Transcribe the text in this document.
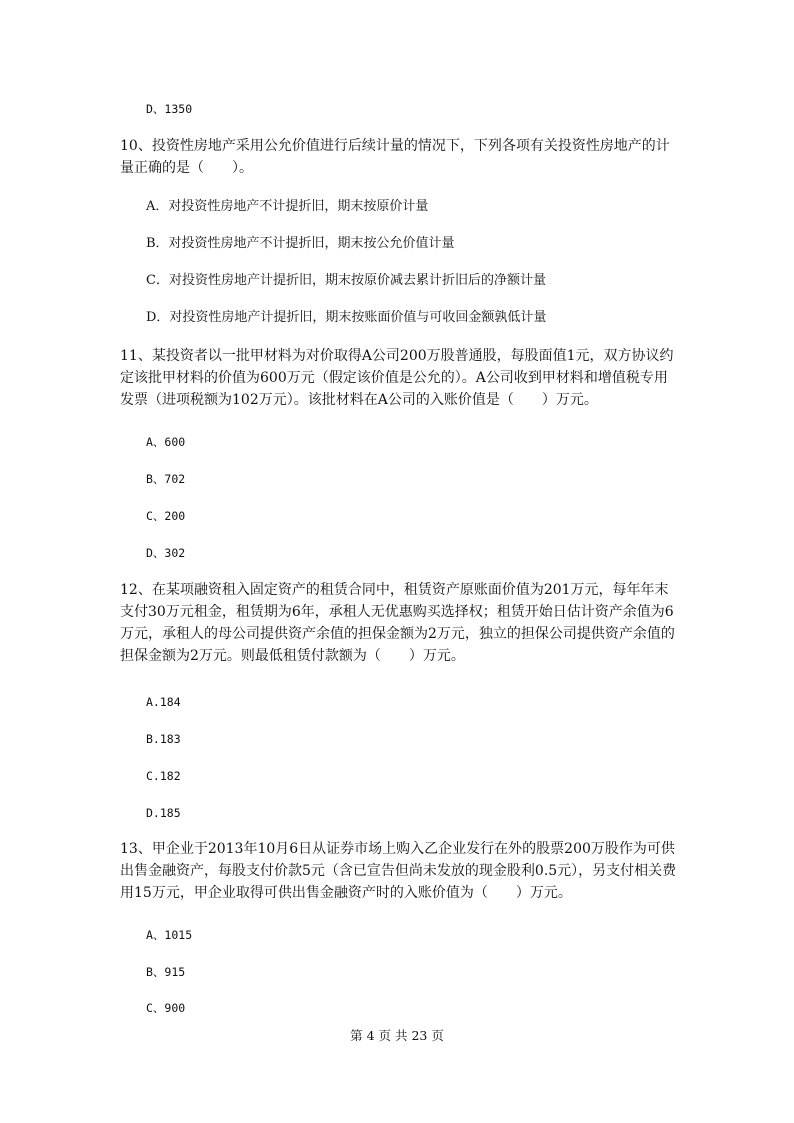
D、1350
10、投资性房地产采用公允价值进行后续计量的情况下，下列各项有关投资性房地产的计量正确的是（　　）。
A．对投资性房地产不计提折旧，期末按原价计量
B．对投资性房地产不计提折旧，期末按公允价值计量
C．对投资性房地产计提折旧，期末按原价减去累计折旧后的净额计量
D．对投资性房地产计提折旧，期末按账面价值与可收回金额孰低计量
11、某投资者以一批甲材料为对价取得A公司200万股普通股，每股面值1元，双方协议约定该批甲材料的价值为600万元（假定该价值是公允的）。A公司收到甲材料和增值税专用发票（进项税额为102万元）。该批材料在A公司的入账价值是（　　）万元。
A、600
B、702
C、200
D、302
12、在某项融资租入固定资产的租赁合同中，租赁资产原账面价值为201万元，每年年末支付30万元租金，租赁期为6年，承租人无优惠购买选择权；租赁开始日估计资产余值为6万元，承租人的母公司提供资产余值的担保金额为2万元，独立的担保公司提供资产余值的担保金额为2万元。则最低租赁付款额为（　　）万元。
A.184
B.183
C.182
D.185
13、甲企业于2013年10月6日从证券市场上购入乙企业发行在外的股票200万股作为可供出售金融资产，每股支付价款5元（含已宣告但尚未发放的现金股利0.5元），另支付相关费用15万元，甲企业取得可供出售金融资产时的入账价值为（　　）万元。
A、1015
B、915
C、900
第 4 页 共 23 页
